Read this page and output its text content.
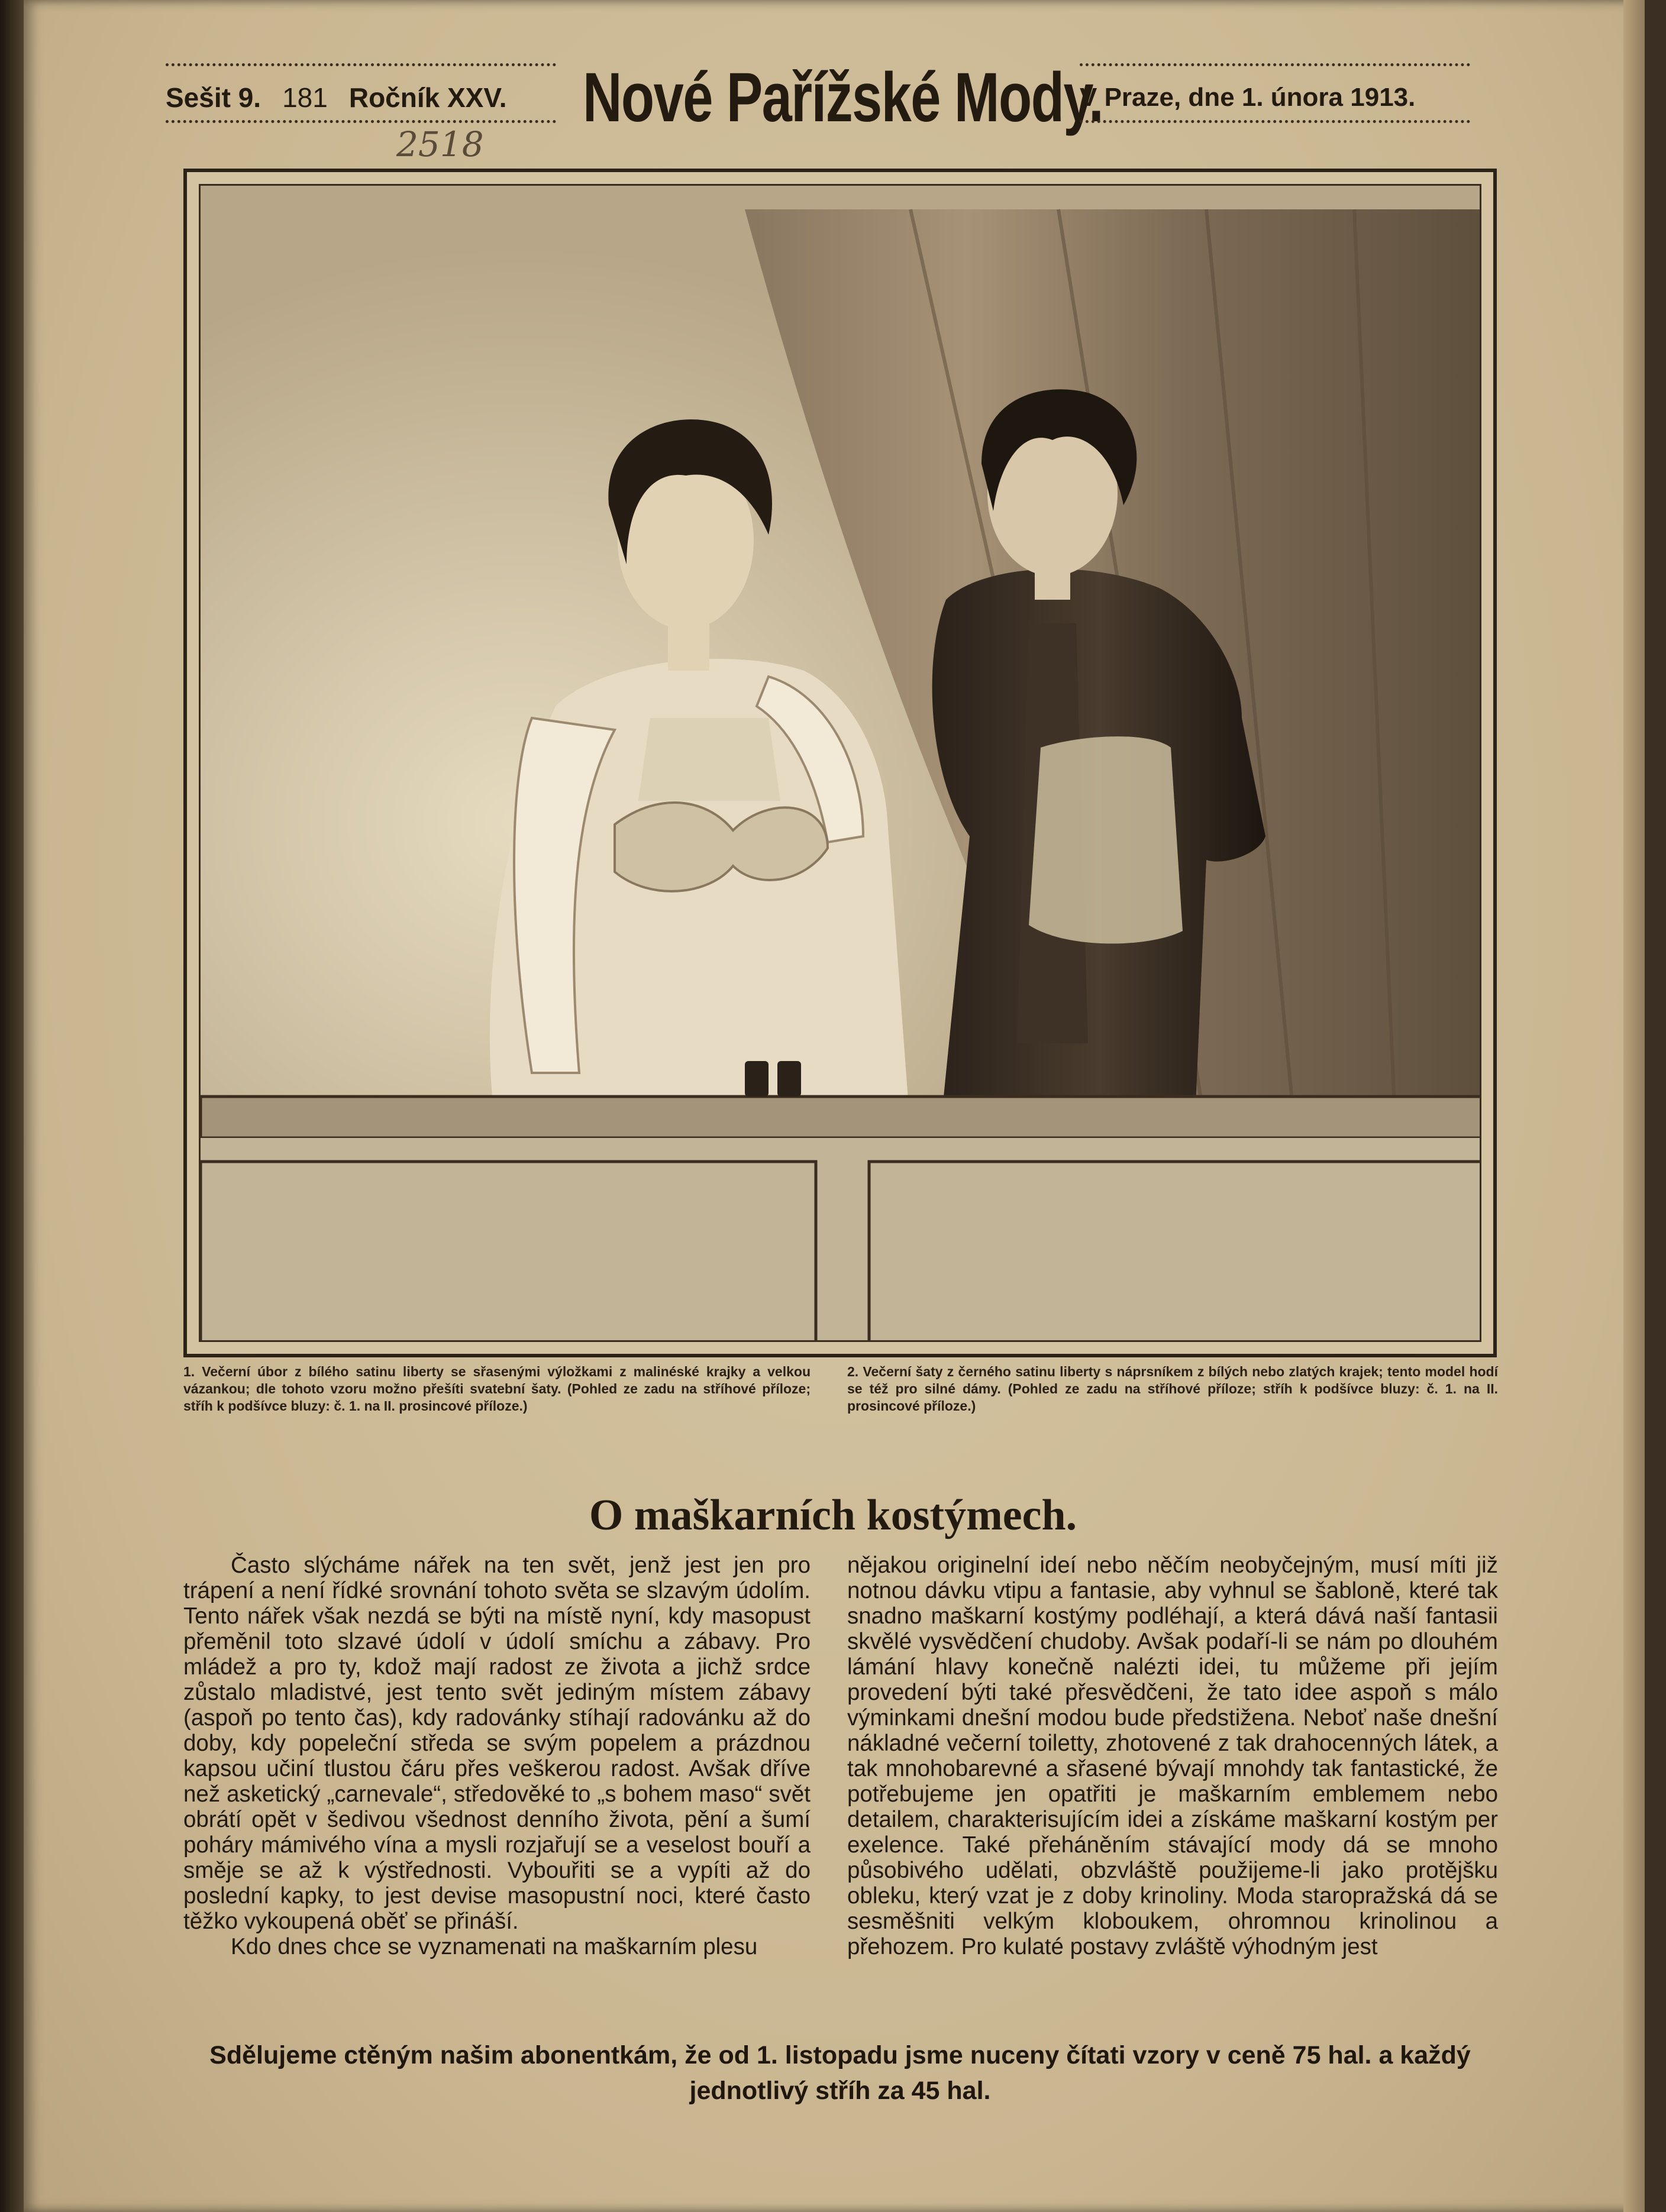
Sešit 9. 181 Ročník XXV. Nové Pařížské Mody.
V Praze, dne 1. února 1913.
2518
1. Večerní úbor z bílého satinu liberty se sřasenými výložkami z malinéské krajky a velkou vázankou; dle tohoto vzoru možno přešíti svatební šaty. (Pohled ze zadu na stříhové příloze; stříh k podšívce bluzy: č. 1. na II. prosincové příloze.)
2. Večerní šaty z černého satinu liberty s náprsníkem z bílých nebo zlatých krajek; tento model hodí se též pro silné dámy. (Pohled ze zadu na stříhové příloze; stříh k podšívce bluzy: č. 1. na II. prosincové příloze.)
O maškarních kostýmech.

Často slýcháme nářek na ten svět, jenž jest jen pro trápení a není řídké srovnání tohoto světa se slzavým údolím. Tento nářek však nezdá se býti na místě nyní, kdy masopust přeměnil toto slzavé údolí v údolí smíchu a zábavy. Pro mládež a pro ty, kdož mají radost ze života a jichž srdce zůstalo mladistvé, jest tento svět jediným místem zábavy (aspoň po tento čas), kdy radovánky stíhají radovánku až do doby, kdy popeleční středa se svým popelem a prázdnou kapsou učiní tlustou čáru přes veškerou radost. Avšak dříve než asketický „carnevale“, středověké to „s bohem maso“ svět obrátí opět v šedivou všednost denního života, pění a šumí poháry mámivého vína a mysli rozjařují se a veselost bouří a směje se až k výstřednosti. Vybouřiti se a vypíti až do poslední kapky, to jest devise masopustní noci, které často těžko vykoupená oběť se přináší.

Kdo dnes chce se vyznamenati na maškarním plesu

nějakou originelní ideí nebo něčím neobyčejným, musí míti již notnou dávku vtipu a fantasie, aby vyhnul se šabloně, které tak snadno maškarní kostýmy podléhají, a která dává naší fantasii skvělé vysvědčení chudoby. Avšak podaří-li se nám po dlouhém lámání hlavy konečně nalézti idei, tu můžeme při jejím provedení býti také přesvědčeni, že tato idee aspoň s málo výminkami dnešní modou bude předstižena. Neboť naše dnešní nákladné večerní toiletty, zhotovené z tak drahocenných látek, a tak mnohobarevné a sřasené bývají mnohdy tak fantastické, že potřebujeme jen opatřiti je maškarním emblemem nebo detailem, charakterisujícím idei a získáme maškarní kostým per exelence. Také přeháněním stávající mody dá se mnoho působivého udělati, obzvláště použijeme-li jako protějšku obleku, který vzat je z doby krinoliny. Moda staropražská dá se sesměšniti velkým kloboukem, ohromnou krinolinou a přehozem. Pro kulaté postavy zvláště výhodným jest

Sdělujeme ctěným našim abonentkám, že od 1. listopadu jsme nuceny čítati vzory v ceně 75 hal. a každý jednotlivý stříh za 45 hal.
